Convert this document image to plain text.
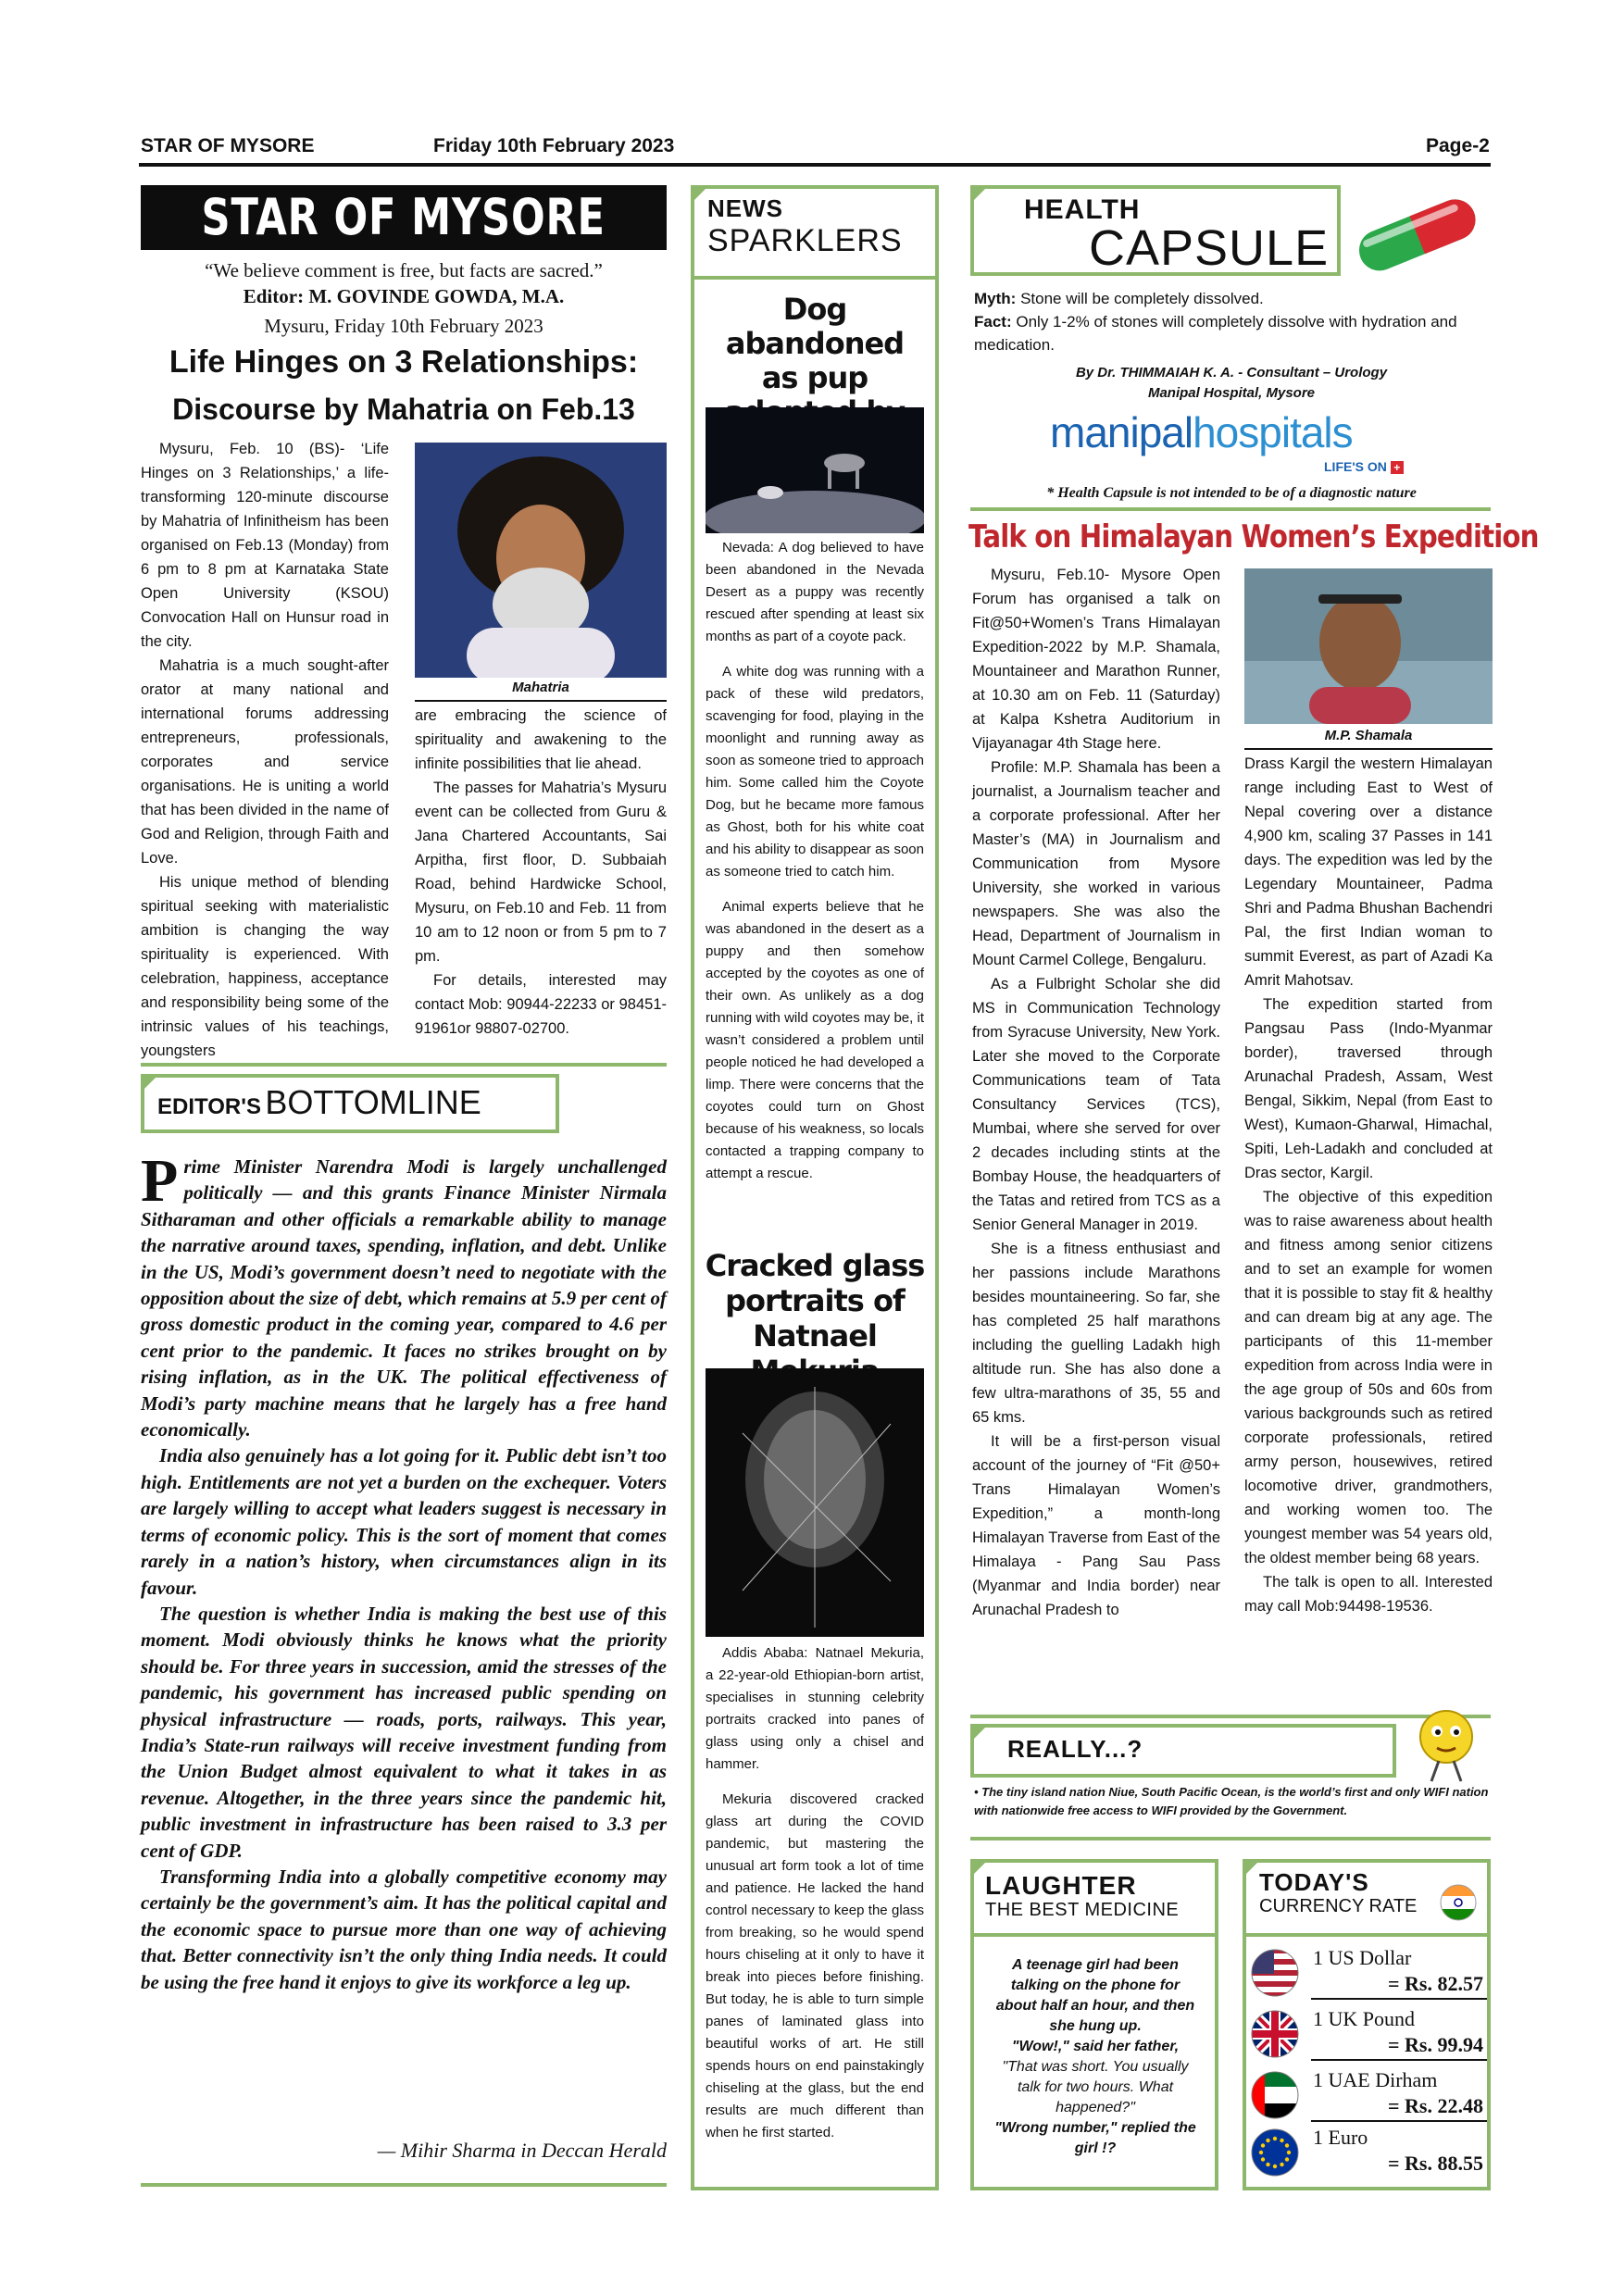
STAR OF MYSORE	Friday 10th February 2023	Page-2
STAR OF MYSORE
“We believe comment is free, but facts are sacred.”
Editor: M. GOVINDE GOWDA, M.A.
Mysuru, Friday 10th February 2023
Life Hinges on 3 Relationships:
Discourse by Mahatria on Feb.13

Mysuru, Feb. 10 (BS)- ‘Life Hinges on 3 Relationships,’ a life-transforming 120-minute discourse by Mahatria of Infinitheism has been organised on Feb.13 (Monday) from 6 pm to 8 pm at Karnataka State Open University (KSOU) Convocation Hall on Hunsur road in the city.

Mahatria is a much sought-after orator at many national and international forums addressing entrepreneurs, professionals, corporates and service organisations. He is uniting a world that has been divided in the name of God and Religion, through Faith and Love.

His unique method of blending spiritual seeking with materialistic ambition is changing the way spirituality is experienced. With celebration, happiness, acceptance and responsibility being some of the intrinsic values of his teachings, youngsters

Mahatria

are embracing the science of spirituality and awakening to the infinite possibilities that lie ahead.

The passes for Mahatria’s Mysuru event can be collected from Guru & Jana Chartered Accountants, Sai Arpitha, first floor, D. Subbaiah Road, behind Hardwicke School, Mysuru, on Feb.10 and Feb. 11 from 10 am to 12 noon or from 5 pm to 7 pm.

For details, interested may contact Mob: 90944-22233 or 98451-91961or 98807-02700.

EDITOR'S BOTTOMLINE

Prime Minister Narendra Modi is largely unchallenged politically — and this grants Finance Minister Nirmala Sitharaman and other officials a remarkable ability to manage the narrative around taxes, spending, inflation, and debt. Unlike in the US, Modi’s government doesn’t need to negotiate with the opposition about the size of debt, which remains at 5.9 per cent of gross domestic product in the coming year, compared to 4.6 per cent prior to the pandemic. It faces no strikes brought on by rising inflation, as in the UK. The political effectiveness of Modi’s party machine means that he largely has a free hand economically.

India also genuinely has a lot going for it. Public debt isn’t too high. Entitlements are not yet a burden on the exchequer. Voters are largely willing to accept what leaders suggest is necessary in terms of economic policy. This is the sort of moment that comes rarely in a nation’s history, when circumstances align in its favour.

The question is whether India is making the best use of this moment. Modi obviously thinks he knows what the priority should be. For three years in succession, amid the stresses of the pandemic, his government has increased public spending on physical infrastructure — roads, ports, railways. This year, India’s State-run railways will receive investment funding from the Union Budget almost equivalent to what it takes in as revenue. Altogether, in the three years since the pandemic hit, public investment in infrastructure has been raised to 3.3 per cent of GDP.

Transforming India into a globally competitive economy may certainly be the government’s aim. It has the political capital and the economic space to pursue more than one way of achieving that. Better connectivity isn’t the only thing India needs. It could be using the free hand it enjoys to give its workforce a leg up.

— Mihir Sharma in Deccan Herald
NEWS
SPARKLERS
Dog abandoned as pup

Nevada: A dog believed to have been abandoned in the Nevada Desert as a puppy was recently rescued after spending at least six months as part of a coyote pack.

A white dog was running with a pack of these wild predators, scavenging for food, playing in the moonlight and running away as soon as someone tried to approach him. Some called him the Coyote Dog, but he became more famous as Ghost, both for his white coat and his ability to disappear as soon as someone tried to catch him.

Animal experts believe that he was abandoned in the desert as a puppy and then somehow accepted by the coyotes as one of their own. As unlikely as a dog running with wild coyotes may be, it wasn’t considered a problem until people noticed he had developed a limp. There were concerns that the coyotes could turn on Ghost because of his weakness, so locals contacted a trapping company to attempt a rescue.

Cracked glass portraits of Natnael

Addis Ababa: Natnael Mekuria, a 22-year-old Ethiopian-born artist, specialises in stunning celebrity portraits cracked into panes of glass using only a chisel and hammer.

Mekuria discovered cracked glass art during the COVID pandemic, but mastering the unusual art form took a lot of time and patience. He lacked the hand control necessary to keep the glass from breaking, so he would spend hours chiseling at it only to have it break into pieces before finishing. But today, he is able to turn simple panes of laminated glass into beautiful works of art. He still spends hours on end painstakingly chiseling at the glass, but the end results are much different than when he first started.

HEALTH
CAPSULE
Myth: Stone will be completely dissolved.
Fact: Only 1-2% of stones will completely dissolve with hydration and medication.
By Dr. THIMMAIAH K. A. - Consultant – Urology
Manipal Hospital, Mysore
manipalhospitals
LIFE'S ON +
* Health Capsule is not intended to be of a diagnostic nature
Talk on Himalayan Women’s Expedition

Mysuru, Feb.10- Mysore Open Forum has organised a talk on Fit@50+Women’s Trans Himalayan Expedition-2022 by M.P. Shamala, Mountaineer and Marathon Runner, at 10.30 am on Feb. 11 (Saturday) at Kalpa Kshetra Auditorium in Vijayanagar 4th Stage here.

Profile: M.P. Shamala has been a journalist, a Journalism teacher and a corporate professional. After her Master’s (MA) in Journalism and Communication from Mysore University, she worked in various newspapers. She was also the Head, Department of Journalism in Mount Carmel College, Bengaluru.

As a Fulbright Scholar she did MS in Communication Technology from Syracuse University, New York. Later she moved to the Corporate Communications team of Tata Consultancy Services (TCS), Mumbai, where she served for over 2 decades including stints at the Bombay House, the headquarters of the Tatas and retired from TCS as a Senior General Manager in 2019.

She is a fitness enthusiast and her passions include Marathons besides mountaineering. So far, she has completed 25 half marathons including the guelling Ladakh high altitude run. She has also done a few ultra-marathons of 35, 55 and 65 kms.

It will be a first-person visual account of the journey of “Fit @50+ Trans Himalayan Women’s Expedition,” a month-long Himalayan Traverse from East of the Himalaya - Pang Sau Pass (Myanmar and India border) near Arunachal Pradesh to

M.P. Shamala

Drass Kargil the western Himalayan range including East to West of Nepal covering over a distance 4,900 km, scaling 37 Passes in 141 days. The expedition was led by the Legendary Mountaineer, Padma Shri and Padma Bhushan Bachendri Pal, the first Indian woman to summit Everest, as part of Azadi Ka Amrit Mahotsav.

The expedition started from Pangsau Pass (Indo-Myanmar border), traversed through Arunachal Pradesh, Assam, West Bengal, Sikkim, Nepal (from East to West), Kumaon-Gharwal, Himachal, Spiti, Leh-Ladakh and concluded at Dras sector, Kargil.

The objective of this expedition was to raise awareness about health and fitness among senior citizens and to set an example for women that it is possible to stay fit & healthy and can dream big at any age. The participants of this 11-member expedition from across India were in the age group of 50s and 60s from various backgrounds such as retired corporate professionals, retired army person, housewives, retired locomotive driver, grandmothers, and working women too. The youngest member was 54 years old, the oldest member being 68 years.

The talk is open to all. Interested may call Mob:94498-19536.

REALLY...?
• The tiny island nation Niue, South Pacific Ocean, is the world’s first and only WIFI nation with nationwide free access to WIFI provided by the Government.
LAUGHTER
THE BEST MEDICINE

A teenage girl had been talking on the phone for about half an hour, and then she hung up.

"Wow!," said her father,

"That was short. You usually talk for two hours. What happened?"

"Wrong number," replied the girl !?

TODAY'S
CURRENCY RATE
1 US Dollar
= Rs. 82.57
1 UK Pound
= Rs. 99.94
1 UAE Dirham
= Rs. 22.48
1 Euro
= Rs. 88.55
